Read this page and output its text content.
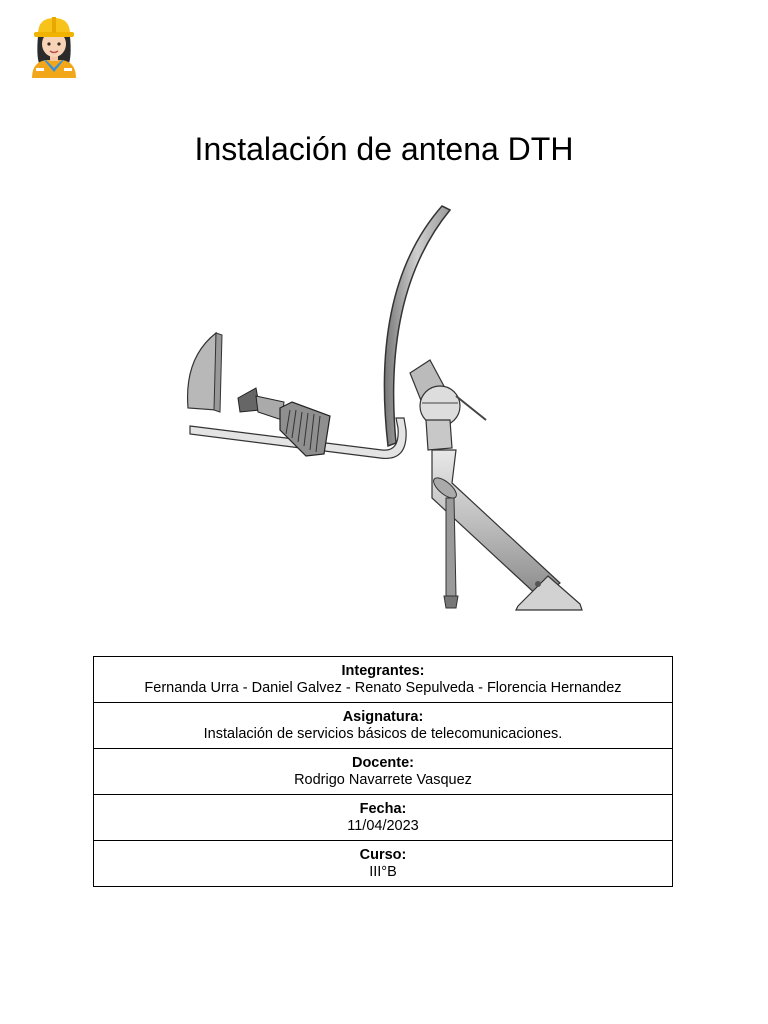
Instalación de antena DTH
Integrantes:
Fernanda Urra - Daniel Galvez - Renato Sepulveda - Florencia Hernandez

Asignatura:
Instalación de servicios básicos de telecomunicaciones.

Docente:
Rodrigo Navarrete Vasquez

Fecha:
11/04/2023

Curso:
III°B
